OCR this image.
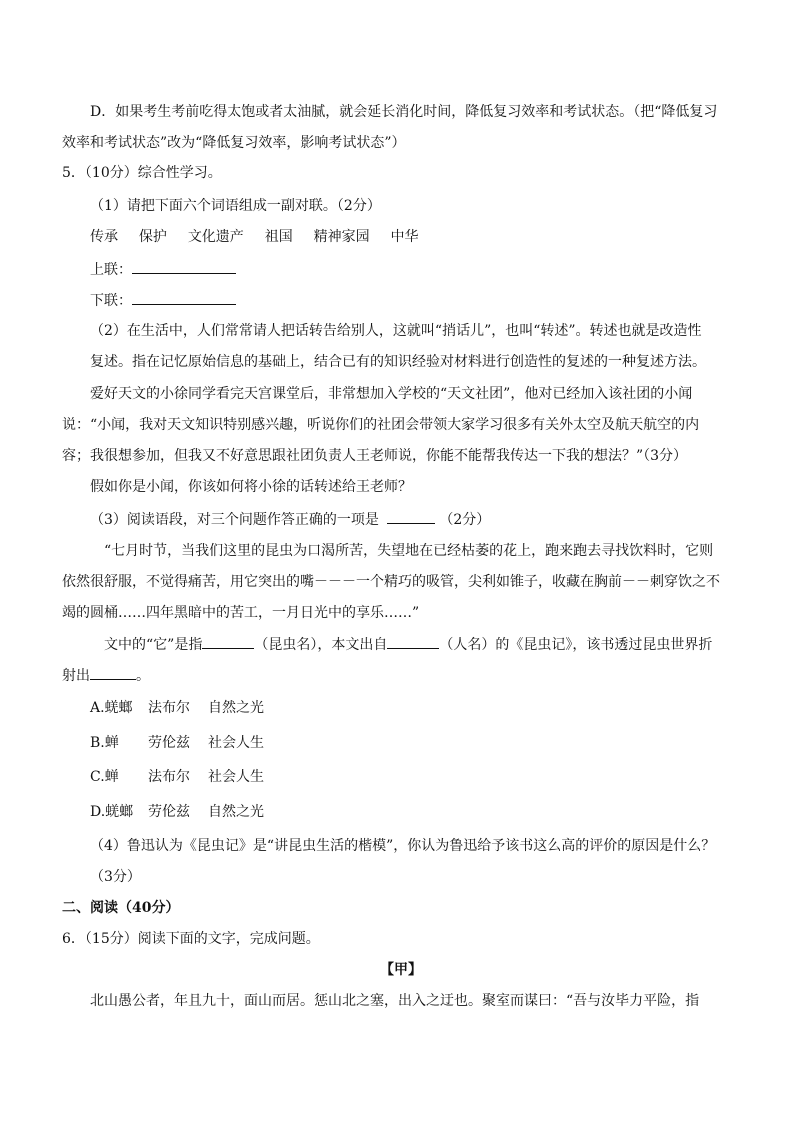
D．如果考生考前吃得太饱或者太油腻，就会延长消化时间，降低复习效率和考试状态。（把“降低复习
效率和考试状态”改为“降低复习效率，影响考试状态”）
5．（10分）综合性学习。
（1）请把下面六个词语组成一副对联。（2分）
传承 保护 文化遗产 祖国 精神家园 中华
上联：
下联：
（2）在生活中，人们常常请人把话转告给别人，这就叫“捎话儿”，也叫“转述”。转述也就是改造性
复述。指在记忆原始信息的基础上，结合已有的知识经验对材料进行创造性的复述的一种复述方法。
爱好天文的小徐同学看完天宫课堂后，非常想加入学校的“天文社团”，他对已经加入该社团的小闻
说：“小闻，我对天文知识特别感兴趣，听说你们的社团会带领大家学习很多有关外太空及航天航空的内
容；我很想参加，但我又不好意思跟社团负责人王老师说，你能不能帮我传达一下我的想法？”（3分）
假如你是小闻，你该如何将小徐的话转述给王老师？
（3）阅读语段，对三个问题作答正确的一项是	（2分）
“七月时节，当我们这里的昆虫为口渴所苦，失望地在已经枯萎的花上，跑来跑去寻找饮料时，它则
依然很舒服，不觉得痛苦，用它突出的嘴－－－一个精巧的吸管，尖利如锥子，收藏在胸前－－刺穿饮之不
竭的圆桶……四年黑暗中的苦工，一月日光中的享乐……”
文中的“它”是指	（昆虫名），本文出自	（人名）的《昆虫记》，该书透过昆虫世界折
射出	。
A.蜣螂 法布尔 自然之光
B.蝉 劳伦兹 社会人生
C.蝉 法布尔 社会人生
D.蜣螂 劳伦兹 自然之光
（4）鲁迅认为《昆虫记》是“讲昆虫生活的楷模”，你认为鲁迅给予该书这么高的评价的原因是什么？
（3分）
二、阅读（40分）
6．（15分）阅读下面的文字，完成问题。
【甲】
北山愚公者，年且九十，面山而居。惩山北之塞，出入之迂也。聚室而谋曰：“吾与汝毕力平险，指
